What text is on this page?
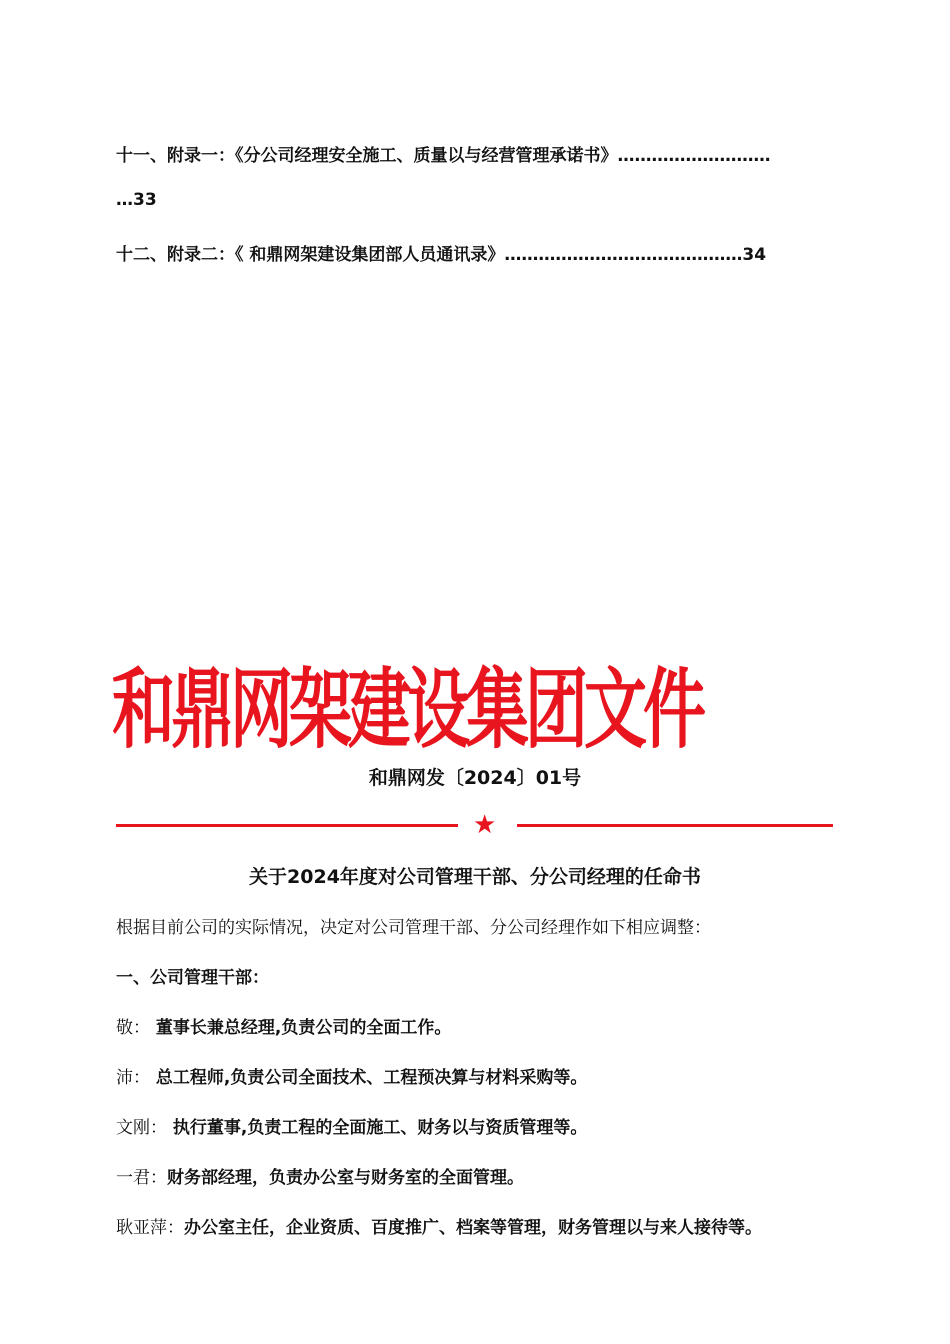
十一、附录一：《分公司经理安全施工、质量以与经营管理承诺书》………………………
…33
十二、附录二：《 和鼎网架建设集团部人员通讯录》……………………………………34
和鼎网架建设集团文件
和鼎网发〔2024〕01号
★
关于2024年度对公司管理干部、分公司经理的任命书
根据目前公司的实际情况，决定对公司管理干部、分公司经理作如下相应调整：
一、公司管理干部：
敬： 董事长兼总经理,负责公司的全面工作。
沛： 总工程师,负责公司全面技术、工程预决算与材料采购等。
文刚： 执行董事,负责工程的全面施工、财务以与资质管理等。
一君：财务部经理，负责办公室与财务室的全面管理。
耿亚萍：办公室主任，企业资质、百度推广、档案等管理，财务管理以与来人接待等。
